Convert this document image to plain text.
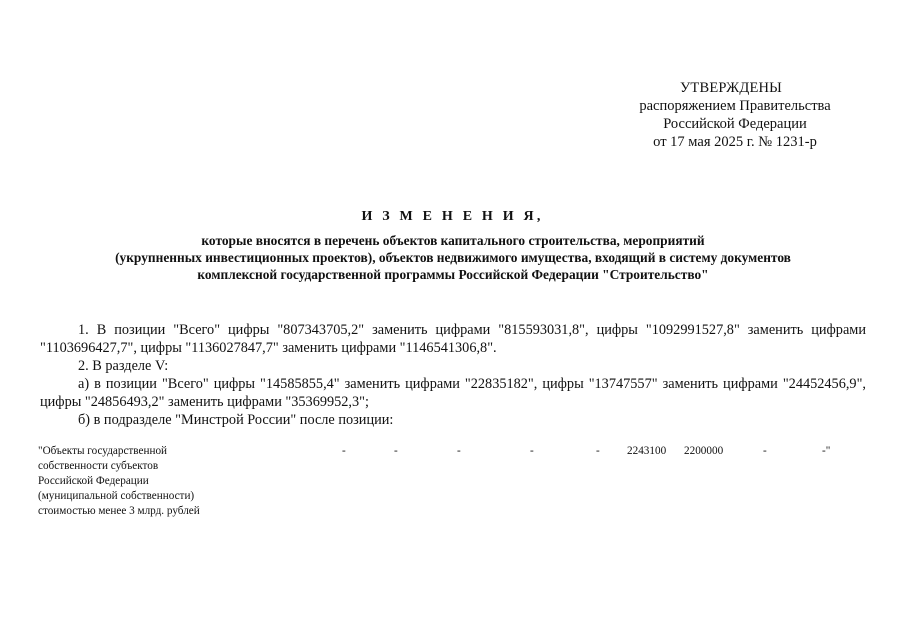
УТВЕРЖДЕНЫ
распоряжением Правительства
Российской Федерации
от 17 мая 2025 г. № 1231-р
И З М Е Н Е Н И Я,
которые вносятся в перечень объектов капитального строительства, мероприятий
(укрупненных инвестиционных проектов), объектов недвижимого имущества, входящий в систему документов
комплексной государственной программы Российской Федерации "Строительство"

1. В позиции "Всего" цифры "807343705,2" заменить цифрами "815593031,8", цифры "1092991527,8" заменить цифрами "1103696427,7", цифры "1136027847,7" заменить цифрами "1146541306,8".

2. В разделе V:

а) в позиции "Всего" цифры "14585855,4" заменить цифрами "22835182", цифры "13747557" заменить цифрами "24452456,9", цифры "24856493,2" заменить цифрами "35369952,3";

б) в подразделе "Минстрой России" после позиции:

"Объекты государственной
собственности субъектов
Российской Федерации
(муниципальной собственности)
стоимостью менее 3 млрд. рублей
-	-	-	-	- 2243100 2200000	-	-"
